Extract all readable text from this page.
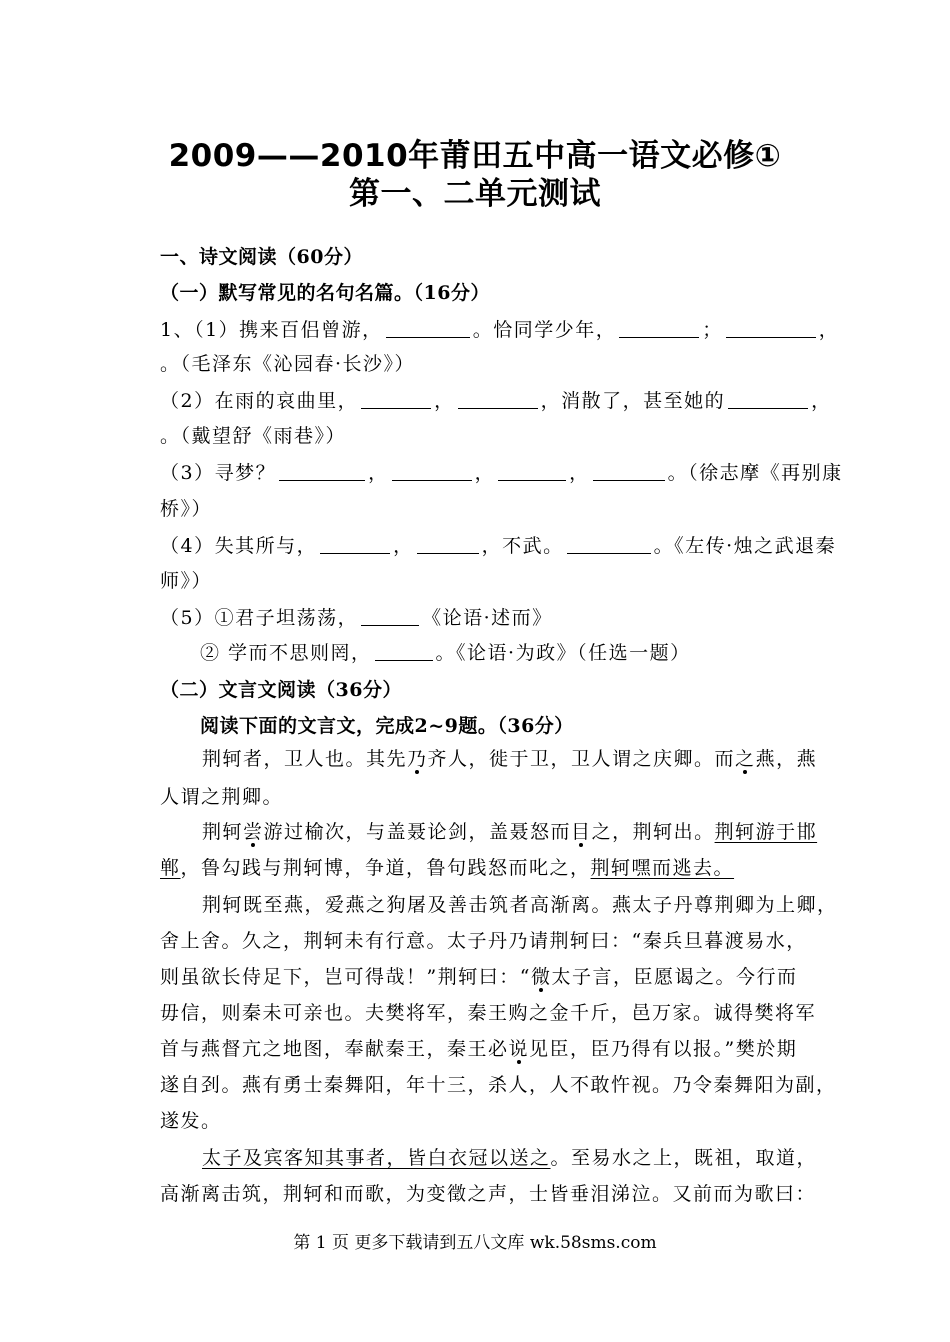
2009——2010年莆田五中高一语文必修①
第一、二单元测试
一、诗文阅读（60分）
（一）默写常见的名句名篇。（16分）
1、（1）携来百侣曾游，	。恰同学少年，	；	，
。（毛泽东《沁园春·长沙》）
（2）在雨的哀曲里，	，	，消散了，甚至她的	，
。（戴望舒《雨巷》）
（3）寻梦？	，	，	，	。（徐志摩《再别康
桥》）
（4）失其所与，	，	，不武。	。《左传·烛之武退秦
师》）
（5）①君子坦荡荡，	《论语·述而》
② 学而不思则罔，	。《论语·为政》（任选一题）
（二）文言文阅读（36分）
阅读下面的文言文，完成2~9题。（36分）
荆轲者，卫人也。其先乃齐人，徙于卫，卫人谓之庆卿。而之燕，燕
人谓之荆卿。
荆轲尝游过榆次，与盖聂论剑，盖聂怒而目之，荆轲出。荆轲游于邯
郸，鲁勾践与荆轲博，争道，鲁句践怒而叱之，荆轲嘿而逃去。
荆轲既至燕，爱燕之狗屠及善击筑者高渐离。燕太子丹尊荆卿为上卿，
舍上舍。久之，荆轲未有行意。太子丹乃请荆轲曰：“秦兵旦暮渡易水，
则虽欲长侍足下，岂可得哉！”荆轲曰：“微太子言，臣愿谒之。今行而
毋信，则秦未可亲也。夫樊将军，秦王购之金千斤，邑万家。诚得樊将军
首与燕督亢之地图，奉献秦王，秦王必说见臣，臣乃得有以报。”樊於期
遂自刭。燕有勇士秦舞阳，年十三，杀人，人不敢忤视。乃令秦舞阳为副，
遂发。
太子及宾客知其事者，皆白衣冠以送之。至易水之上，既祖，取道，
高渐离击筑，荆轲和而歌，为变徵之声，士皆垂泪涕泣。又前而为歌曰：
第 1 页 更多下载请到五八文库 wk.58sms.com
